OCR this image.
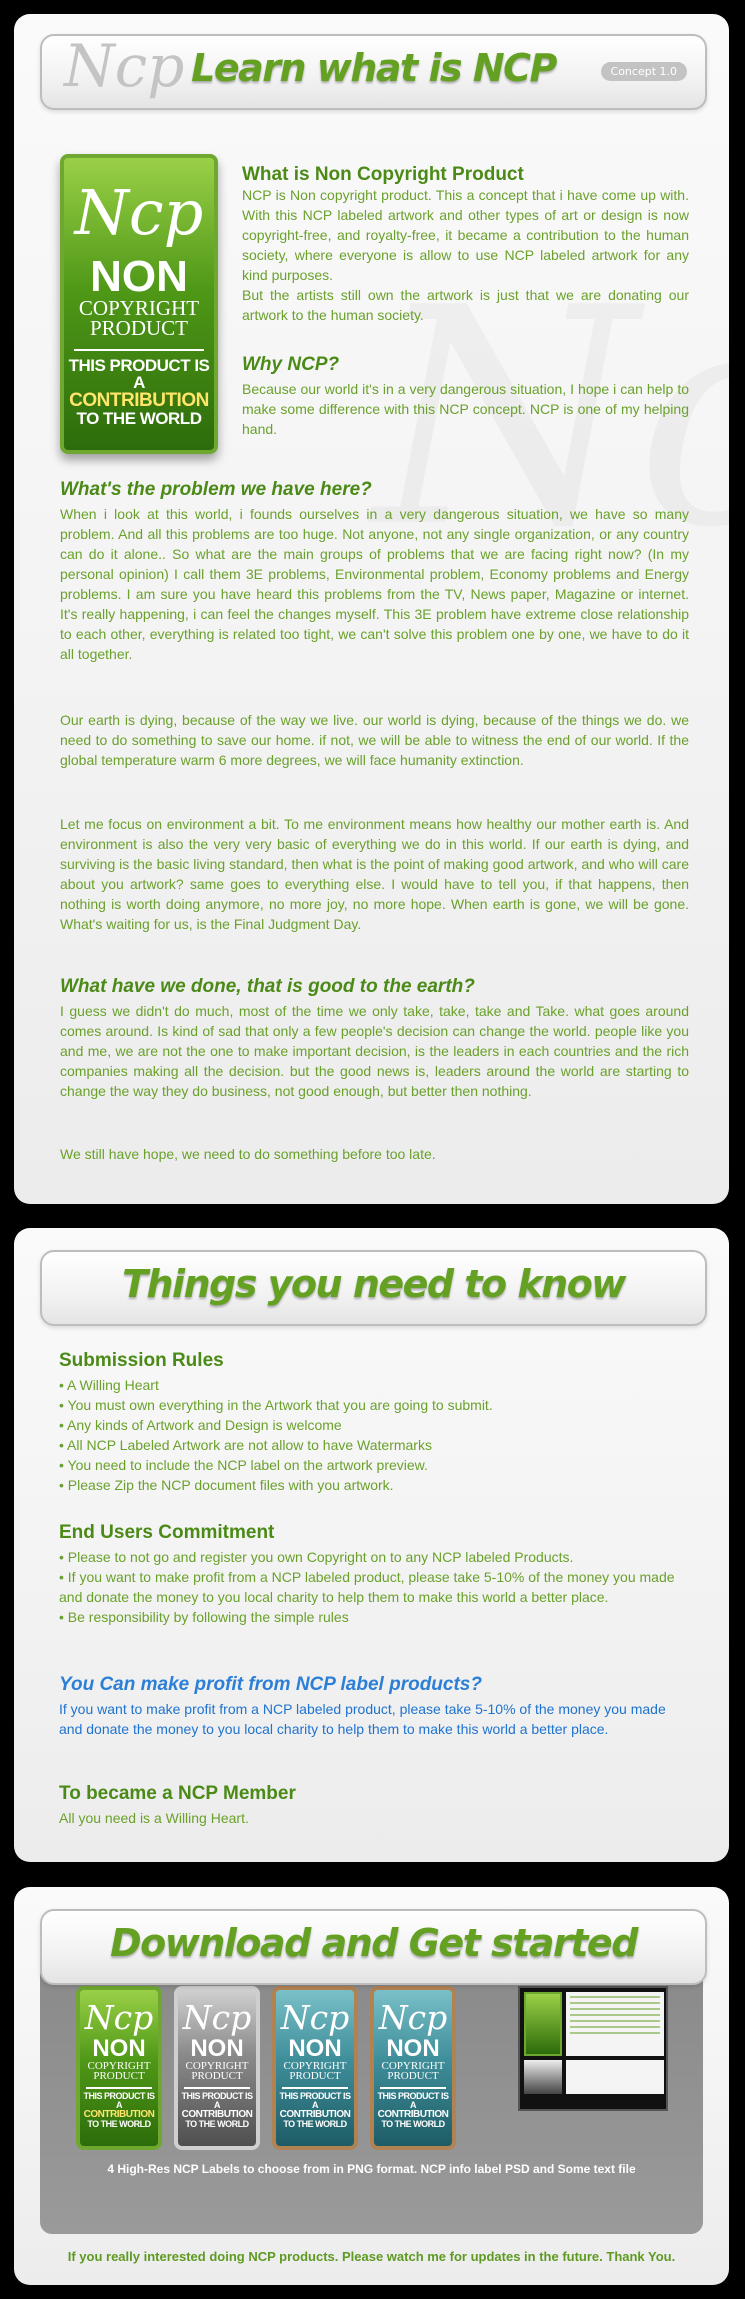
Ncp Learn what is NCP	Concept 1.0
Ncp
NON
COPYRIGHT
PRODUCT
THIS PRODUCT IS A
CONTRIBUTION
TO THE WORLD
What is Non Copyright Product
NCP is Non copyright product. This a concept that i have come up with. With this NCP labeled artwork and other types of art or design is now copyright-free, and royalty-free, it became a contribution to the human society, where everyone is allow to use NCP labeled artwork for any kind purposes.
But the artists still own the artwork is just that we are donating our artwork to the human society.
Why NCP?
Because our world it's in a very dangerous situation, I hope i can help to make some difference with this NCP concept. NCP is one of my helping hand.
What's the problem we have here?
When i look at this world, i founds ourselves in a very dangerous situation, we have so many problem. And all this problems are too huge. Not anyone, not any single organization, or any country can do it alone.. So what are the main groups of problems that we are facing right now? (In my personal opinion) I call them 3E problems, Environmental problem, Economy problems and Energy problems. I am sure you have heard this problems from the TV, News paper, Magazine or internet. It's really happening, i can feel the changes myself. This 3E problem have extreme close relationship to each other, everything is related too tight, we can't solve this problem one by one, we have to do it all together.
Our earth is dying, because of the way we live. our world is dying, because of the things we do. we need to do something to save our home. if not, we will be able to witness the end of our world. If the global temperature warm 6 more degrees, we will face humanity extinction.
Let me focus on environment a bit. To me environment means how healthy our mother earth is. And environment is also the very very basic of everything we do in this world. If our earth is dying, and surviving is the basic living standard, then what is the point of making good artwork, and who will care about you artwork? same goes to everything else. I would have to tell you, if that happens, then nothing is worth doing anymore, no more joy, no more hope. When earth is gone, we will be gone. What's waiting for us, is the Final Judgment Day.
What have we done, that is good to the earth?
I guess we didn't do much, most of the time we only take, take, take and Take. what goes around comes around. Is kind of sad that only a few people's decision can change the world. people like you and me, we are not the one to make important decision, is the leaders in each countries and the rich companies making all the decision. but the good news is, leaders around the world are starting to change the way they do business, not good enough, but better then nothing.
We still have hope, we need to do something before too late.
Things you need to know
Submission Rules
• A Willing Heart
• You must own everything in the Artwork that you are going to submit.
• Any kinds of Artwork and Design is welcome
• All NCP Labeled Artwork are not allow to have Watermarks
• You need to include the NCP label on the artwork preview.
• Please Zip the NCP document files with you artwork.
End Users Commitment
• Please to not go and register you own Copyright on to any NCP labeled Products.
• If you want to make profit from a NCP labeled product, please take 5-10% of the money you made and donate the money to you local charity to help them to make this world a better place.
• Be responsibility by following the simple rules
You Can make profit from NCP label products?
If you want to make profit from a NCP labeled product, please take 5-10% of the money you made and donate the money to you local charity to help them to make this world a better place.
To became a NCP Member
All you need is a Willing Heart.
Ncp
NON
COPYRIGHT
PRODUCT
THIS PRODUCT IS A
CONTRIBUTION
TO THE WORLD
Ncp
NON
COPYRIGHT
PRODUCT
THIS PRODUCT IS A
CONTRIBUTION
TO THE WORLD
Ncp
NON
COPYRIGHT
PRODUCT
THIS PRODUCT IS A
CONTRIBUTION
TO THE WORLD
Ncp
NON
COPYRIGHT
PRODUCT
THIS PRODUCT IS A
CONTRIBUTION
TO THE WORLD
4 High-Res NCP Labels to choose from in PNG format. NCP info label PSD and Some text file
Download and Get started
If you really interested doing NCP products. Please watch me for updates in the future. Thank You.
